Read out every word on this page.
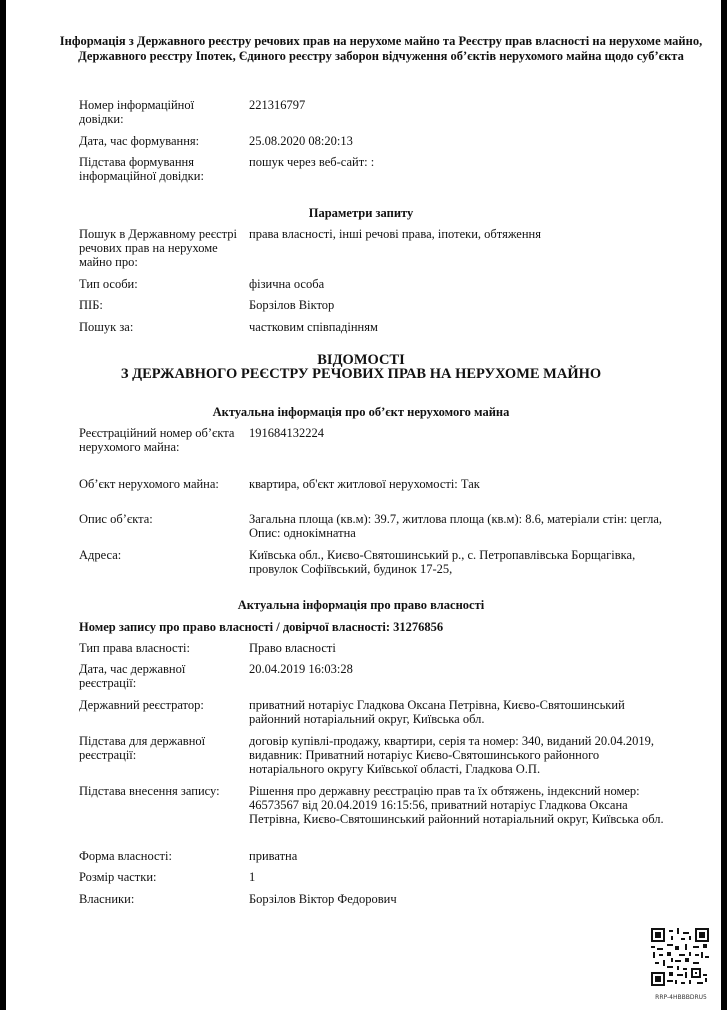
Інформація з Державного реєстру речових прав на нерухоме майно та Реєстру прав власності на нерухоме майно, Державного реєстру Іпотек, Єдиного реєстру заборон відчуження об’єктів нерухомого майна щодо суб’єкта
Номер інформаційної довідки:
221316797
Дата, час формування:	25.08.2020 08:20:13
Підстава формування інформаційної довідки:
пошук через веб-сайт: :
Параметри запиту
Пошук в Державному реєстрі речових прав на нерухоме майно про:
права власності, інші речові права, іпотеки, обтяження
Тип особи:	фізична особа
ПІБ:	Борзілов Віктор
Пошук за:	частковим співпадінням
ВІДОМОСТІ
З ДЕРЖАВНОГО РЕЄСТРУ РЕЧОВИХ ПРАВ НА НЕРУХОМЕ МАЙНО
Актуальна інформація про об’єкт нерухомого майна
Реєстраційний номер об’єкта нерухомого майна:
191684132224
Об’єкт нерухомого майна:	квартира, об'єкт житлової нерухомості: Так
Опис об’єкта:	Загальна площа (кв.м): 39.7, житлова площа (кв.м): 8.6, матеріали стін: цегла, Опис: однокімнатна
Адреса:	Київська обл., Києво-Святошинський р., с. Петропавлівська Борщагівка, провулок Софіївський, будинок 17-25,
Актуальна інформація про право власності
Номер запису про право власності / довірчої власності: 31276856
Тип права власності:	Право власності
Дата, час державної реєстрації:
20.04.2019 16:03:28
Державний реєстратор:	приватний нотаріус Гладкова Оксана Петрівна, Києво-Святошинський районний нотаріальний округ, Київська обл.
Підстава для державної реєстрації:
договір купівлі-продажу, квартири, серія та номер: 340, виданий 20.04.2019, видавник: Приватний нотаріус Києво-Святошинського районного нотаріального округу Київської області, Гладкова О.П.
Підстава внесення запису:	Рішення про державну реєстрацію прав та їх обтяжень, індексний номер: 46573567 від 20.04.2019 16:15:56, приватний нотаріус Гладкова Оксана Петрівна, Києво-Святошинський районний нотаріальний округ, Київська обл.
Форма власності:	приватна
Розмір частки:	1
Власники:	Борзілов Віктор Федорович
RRP-4HBBBDRU5
